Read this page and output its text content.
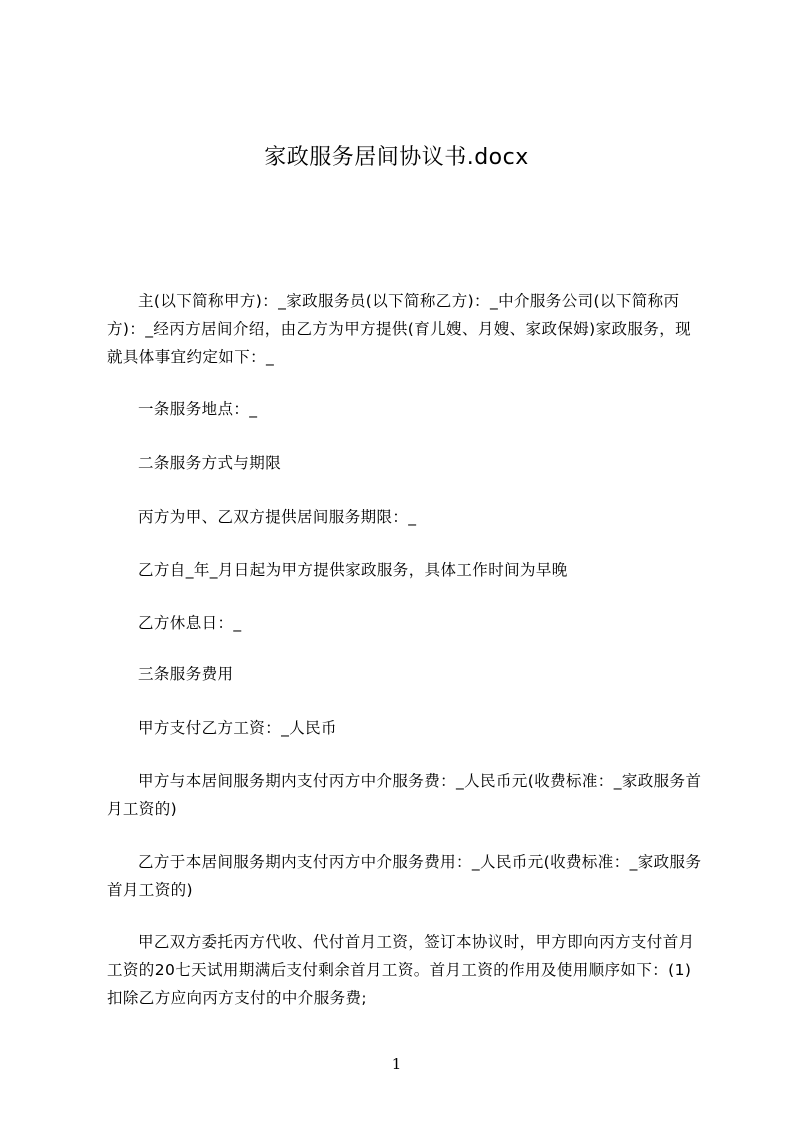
家政服务居间协议书.docx

主(以下简称甲方)：_家政服务员(以下简称乙方)：_中介服务公司(以下简称丙方)：_经丙方居间介绍，由乙方为甲方提供(育儿嫂、月嫂、家政保姆)家政服务，现就具体事宜约定如下：_

一条服务地点：_

二条服务方式与期限

丙方为甲、乙双方提供居间服务期限：_

乙方自_年_月日起为甲方提供家政服务，具体工作时间为早晚

乙方休息日：_

三条服务费用

甲方支付乙方工资：_人民币

甲方与本居间服务期内支付丙方中介服务费：_人民币元(收费标准：_家政服务首月工资的)

乙方于本居间服务期内支付丙方中介服务费用：_人民币元(收费标准：_家政服务首月工资的)

甲乙双方委托丙方代收、代付首月工资，签订本协议时，甲方即向丙方支付首月工资的20七天试用期满后支付剩余首月工资。首月工资的作用及使用顺序如下：(1)扣除乙方应向丙方支付的中介服务费;

1
